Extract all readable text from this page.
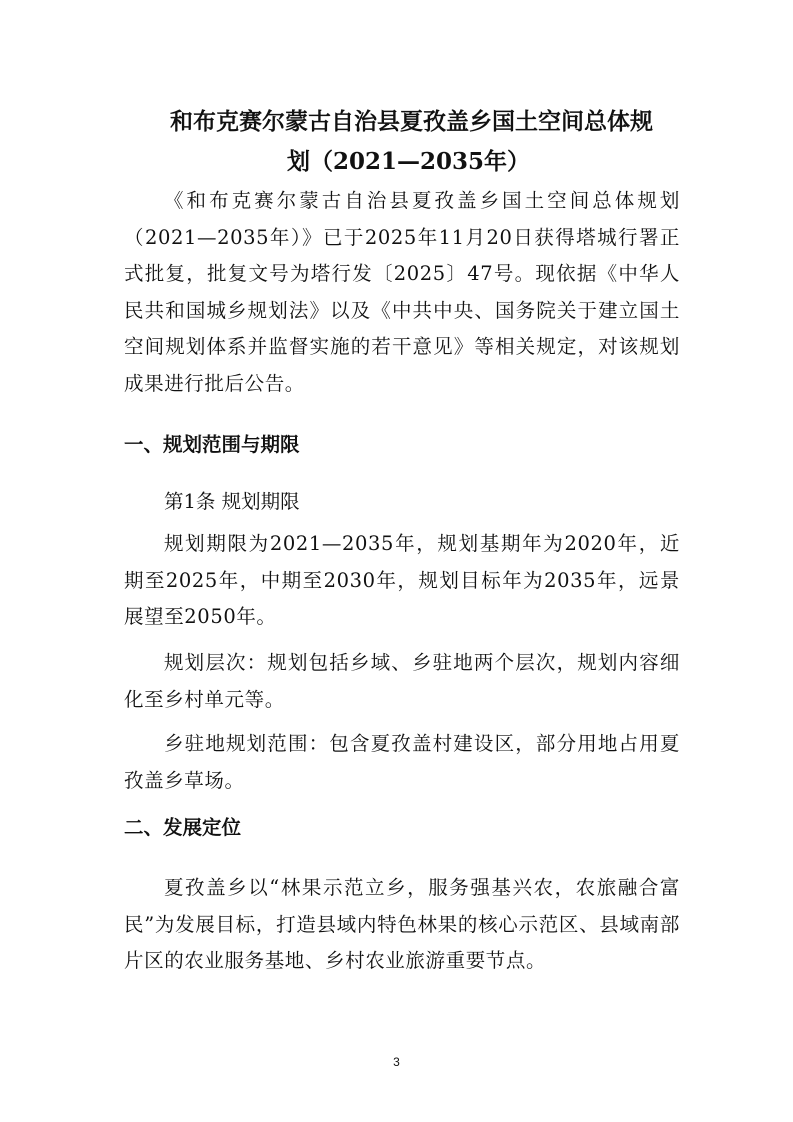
和布克赛尔蒙古自治县夏孜盖乡国土空间总体规
划（2021—2035年）

《和布克赛尔蒙古自治县夏孜盖乡国土空间总体规划（2021—2035年）》已于2025年11月20日获得塔城行署正式批复，批复文号为塔行发〔2025〕47号。现依据《中华人民共和国城乡规划法》以及《中共中央、国务院关于建立国土空间规划体系并监督实施的若干意见》等相关规定，对该规划成果进行批后公告。

一、规划范围与期限
第1条 规划期限

规划期限为2021—2035年，规划基期年为2020年，近期至2025年，中期至2030年，规划目标年为2035年，远景展望至2050年。

规划层次：规划包括乡域、乡驻地两个层次，规划内容细化至乡村单元等。

乡驻地规划范围：包含夏孜盖村建设区，部分用地占用夏孜盖乡草场。

二、发展定位

夏孜盖乡以“林果示范立乡，服务强基兴农，农旅融合富民”为发展目标，打造县域内特色林果的核心示范区、县域南部片区的农业服务基地、乡村农业旅游重要节点。

3
